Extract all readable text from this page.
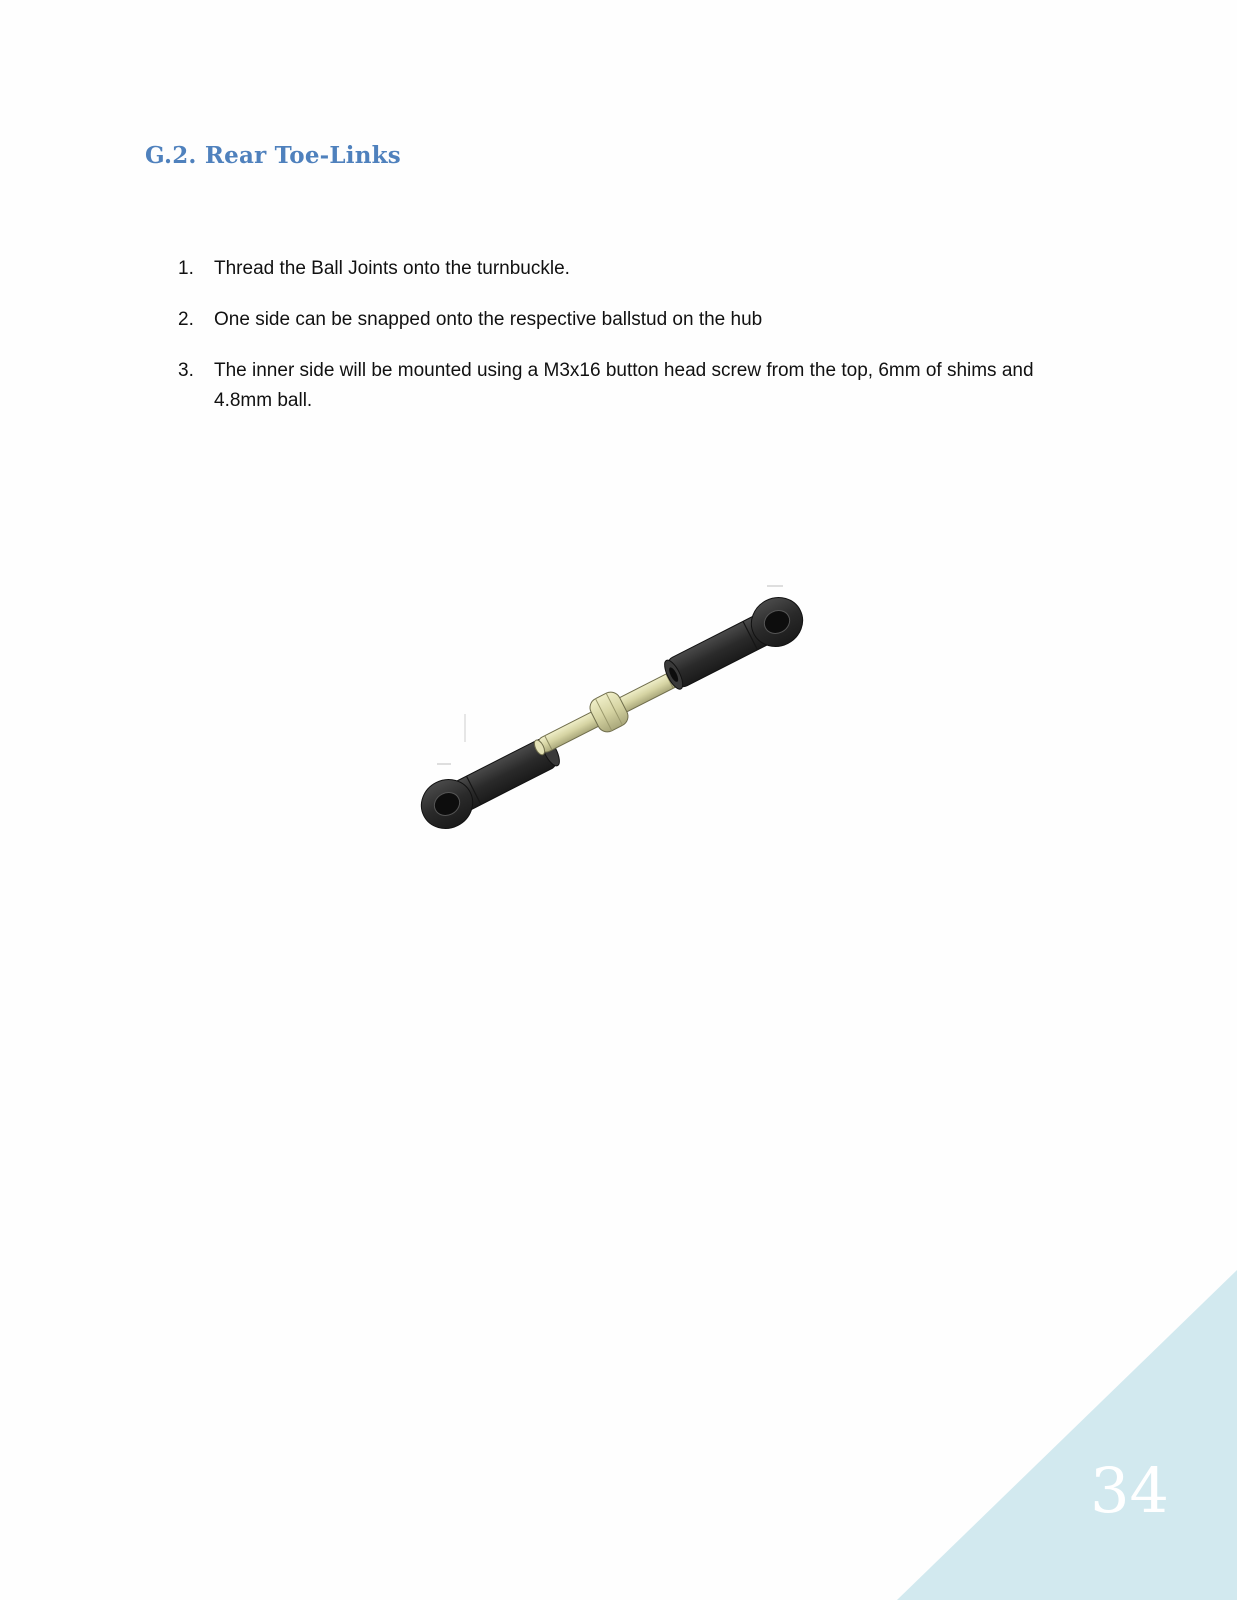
G.2. Rear Toe-Links
1.	Thread the Ball Joints onto the turnbuckle.
2.	One side can be snapped onto the respective ballstud on the hub
3.	The inner side will be mounted using a M3x16 button head screw from the top, 6mm of shims and 4.8mm ball.
34
